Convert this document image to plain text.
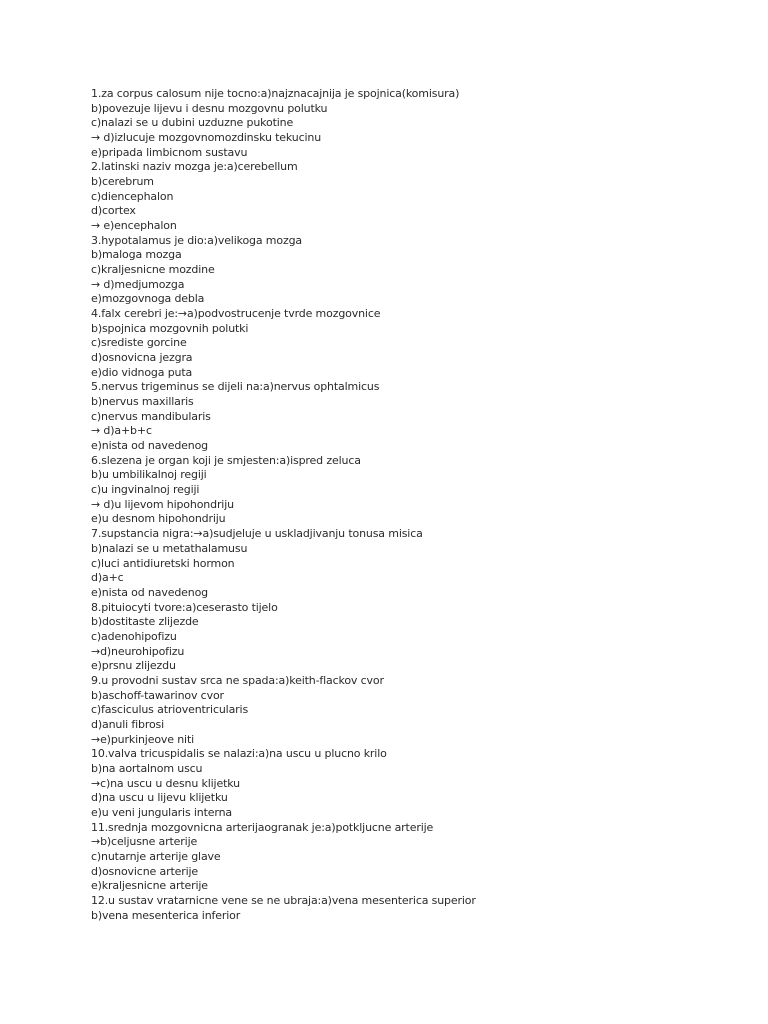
1.za corpus calosum nije tocno:a)najznacajnija je spojnica(komisura)
b)povezuje lijevu i desnu mozgovnu polutku
c)nalazi se u dubini uzduzne pukotine
→ d)izlucuje mozgovnomozdinsku tekucinu
e)pripada limbicnom sustavu
2.latinski naziv mozga je:a)cerebellum
b)cerebrum
c)diencephalon
d)cortex
→ e)encephalon
3.hypotalamus je dio:a)velikoga mozga
b)maloga mozga
c)kraljesnicne mozdine
→ d)medjumozga
e)mozgovnoga debla
4.falx cerebri je:→a)podvostrucenje tvrde mozgovnice
b)spojnica mozgovnih polutki
c)srediste gorcine
d)osnovicna jezgra
e)dio vidnoga puta
5.nervus trigeminus se dijeli na:a)nervus ophtalmicus
b)nervus maxillaris
c)nervus mandibularis
→ d)a+b+c
e)nista od navedenog
6.slezena je organ koji je smjesten:a)ispred zeluca
b)u umbilikalnoj regiji
c)u ingvinalnoj regiji
→ d)u lijevom hipohondriju
e)u desnom hipohondriju
7.supstancia nigra:→a)sudjeluje u uskladjivanju tonusa misica
b)nalazi se u metathalamusu
c)luci antidiuretski hormon
d)a+c
e)nista od navedenog
8.pituiocyti tvore:a)ceserasto tijelo
b)dostitaste zlijezde
c)adenohipofizu
→d)neurohipofizu
e)prsnu zlijezdu
9.u provodni sustav srca ne spada:a)keith-flackov cvor
b)aschoff-tawarinov cvor
c)fasciculus atrioventricularis
d)anuli fibrosi
→e)purkinjeove niti
10.valva tricuspidalis se nalazi:a)na uscu u plucno krilo
b)na aortalnom uscu
→c)na uscu u desnu klijetku
d)na uscu u lijevu klijetku
e)u veni jungularis interna
11.srednja mozgovnicna arterijaogranak je:a)potkljucne arterije
→b)celjusne arterije
c)nutarnje arterije glave
d)osnovicne arterije
e)kraljesnicne arterije
12.u sustav vratarnicne vene se ne ubraja:a)vena mesenterica superior
b)vena mesenterica inferior
